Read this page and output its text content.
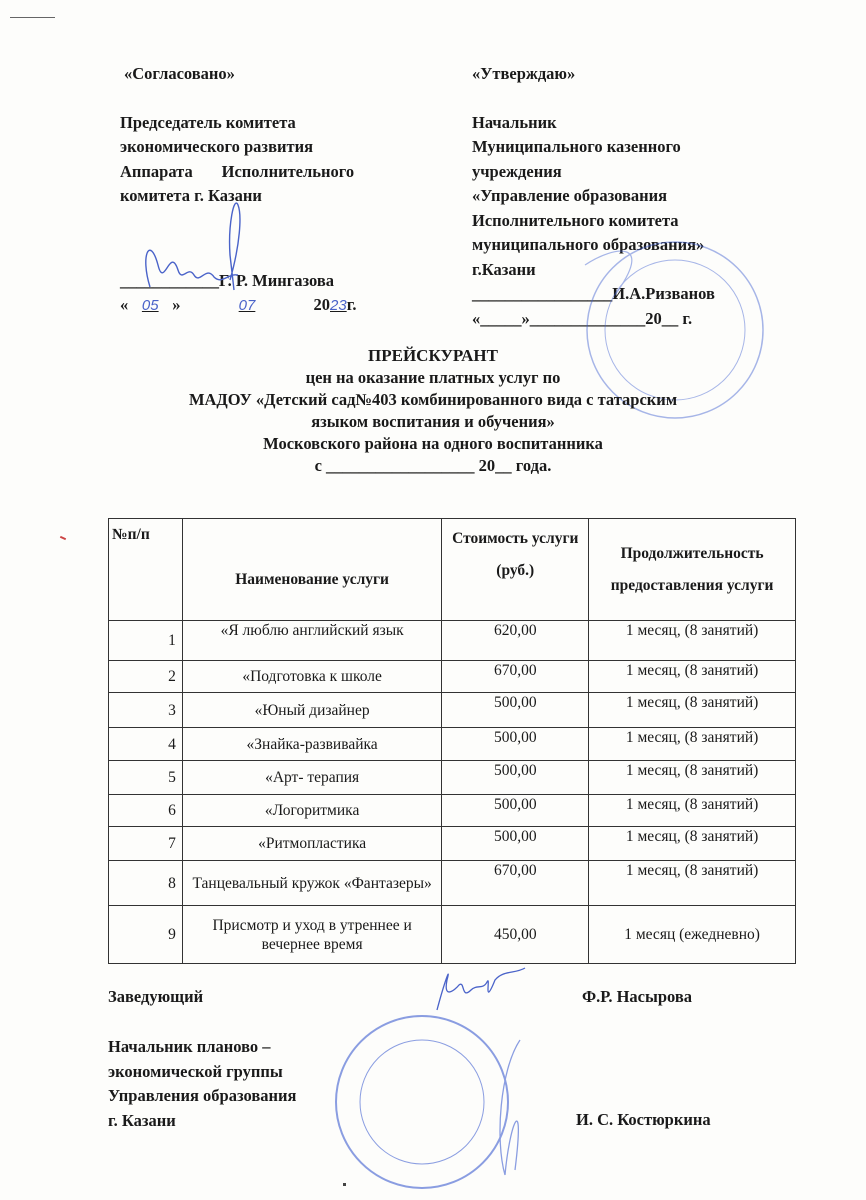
«Согласовано»
Председатель комитета
экономического развития
Аппарата       Исполнительного
комитета г. Казани
____________Г. Р. Мингазова
« 05 »	07	2023г.
«Утверждаю»
Начальник
Муниципального казенного
учреждения
«Управление образования
Исполнительного комитета
муниципального образования»
г.Казани
_________________И.А.Ризванов
«_____»______________20__ г.
ПРЕЙСКУРАНТ
цен на оказание платных услуг по
МАДОУ «Детский сад№403 комбинированного вида с татарским
языком воспитания и обучения»
Московского района на одного воспитанника
с __________________ 20__ года.
№п/п	Наименование услуги	Стоимость услуги (руб.)	Продолжительность предоставления услуги
1	«Я люблю английский язык	620,00	1 месяц, (8 занятий)
2	«Подготовка к школе	670,00	1 месяц, (8 занятий)
3	«Юный дизайнер	500,00	1 месяц, (8 занятий)
4	«Знайка-развивайка	500,00	1 месяц, (8 занятий)
5	«Арт- терапия	500,00	1 месяц, (8 занятий)
6	«Логоритмика	500,00	1 месяц, (8 занятий)
7	«Ритмопластика	500,00	1 месяц, (8 занятий)
8	Танцевальный кружок «Фантазеры»	670,00	1 месяц, (8 занятий)
9	Присмотр и уход в утреннее и вечернее время	450,00	1 месяц (ежедневно)
Заведующий	Ф.Р. Насырова
Начальник планово –
экономической группы
Управления образования
г. Казани	И. С. Костюркина
